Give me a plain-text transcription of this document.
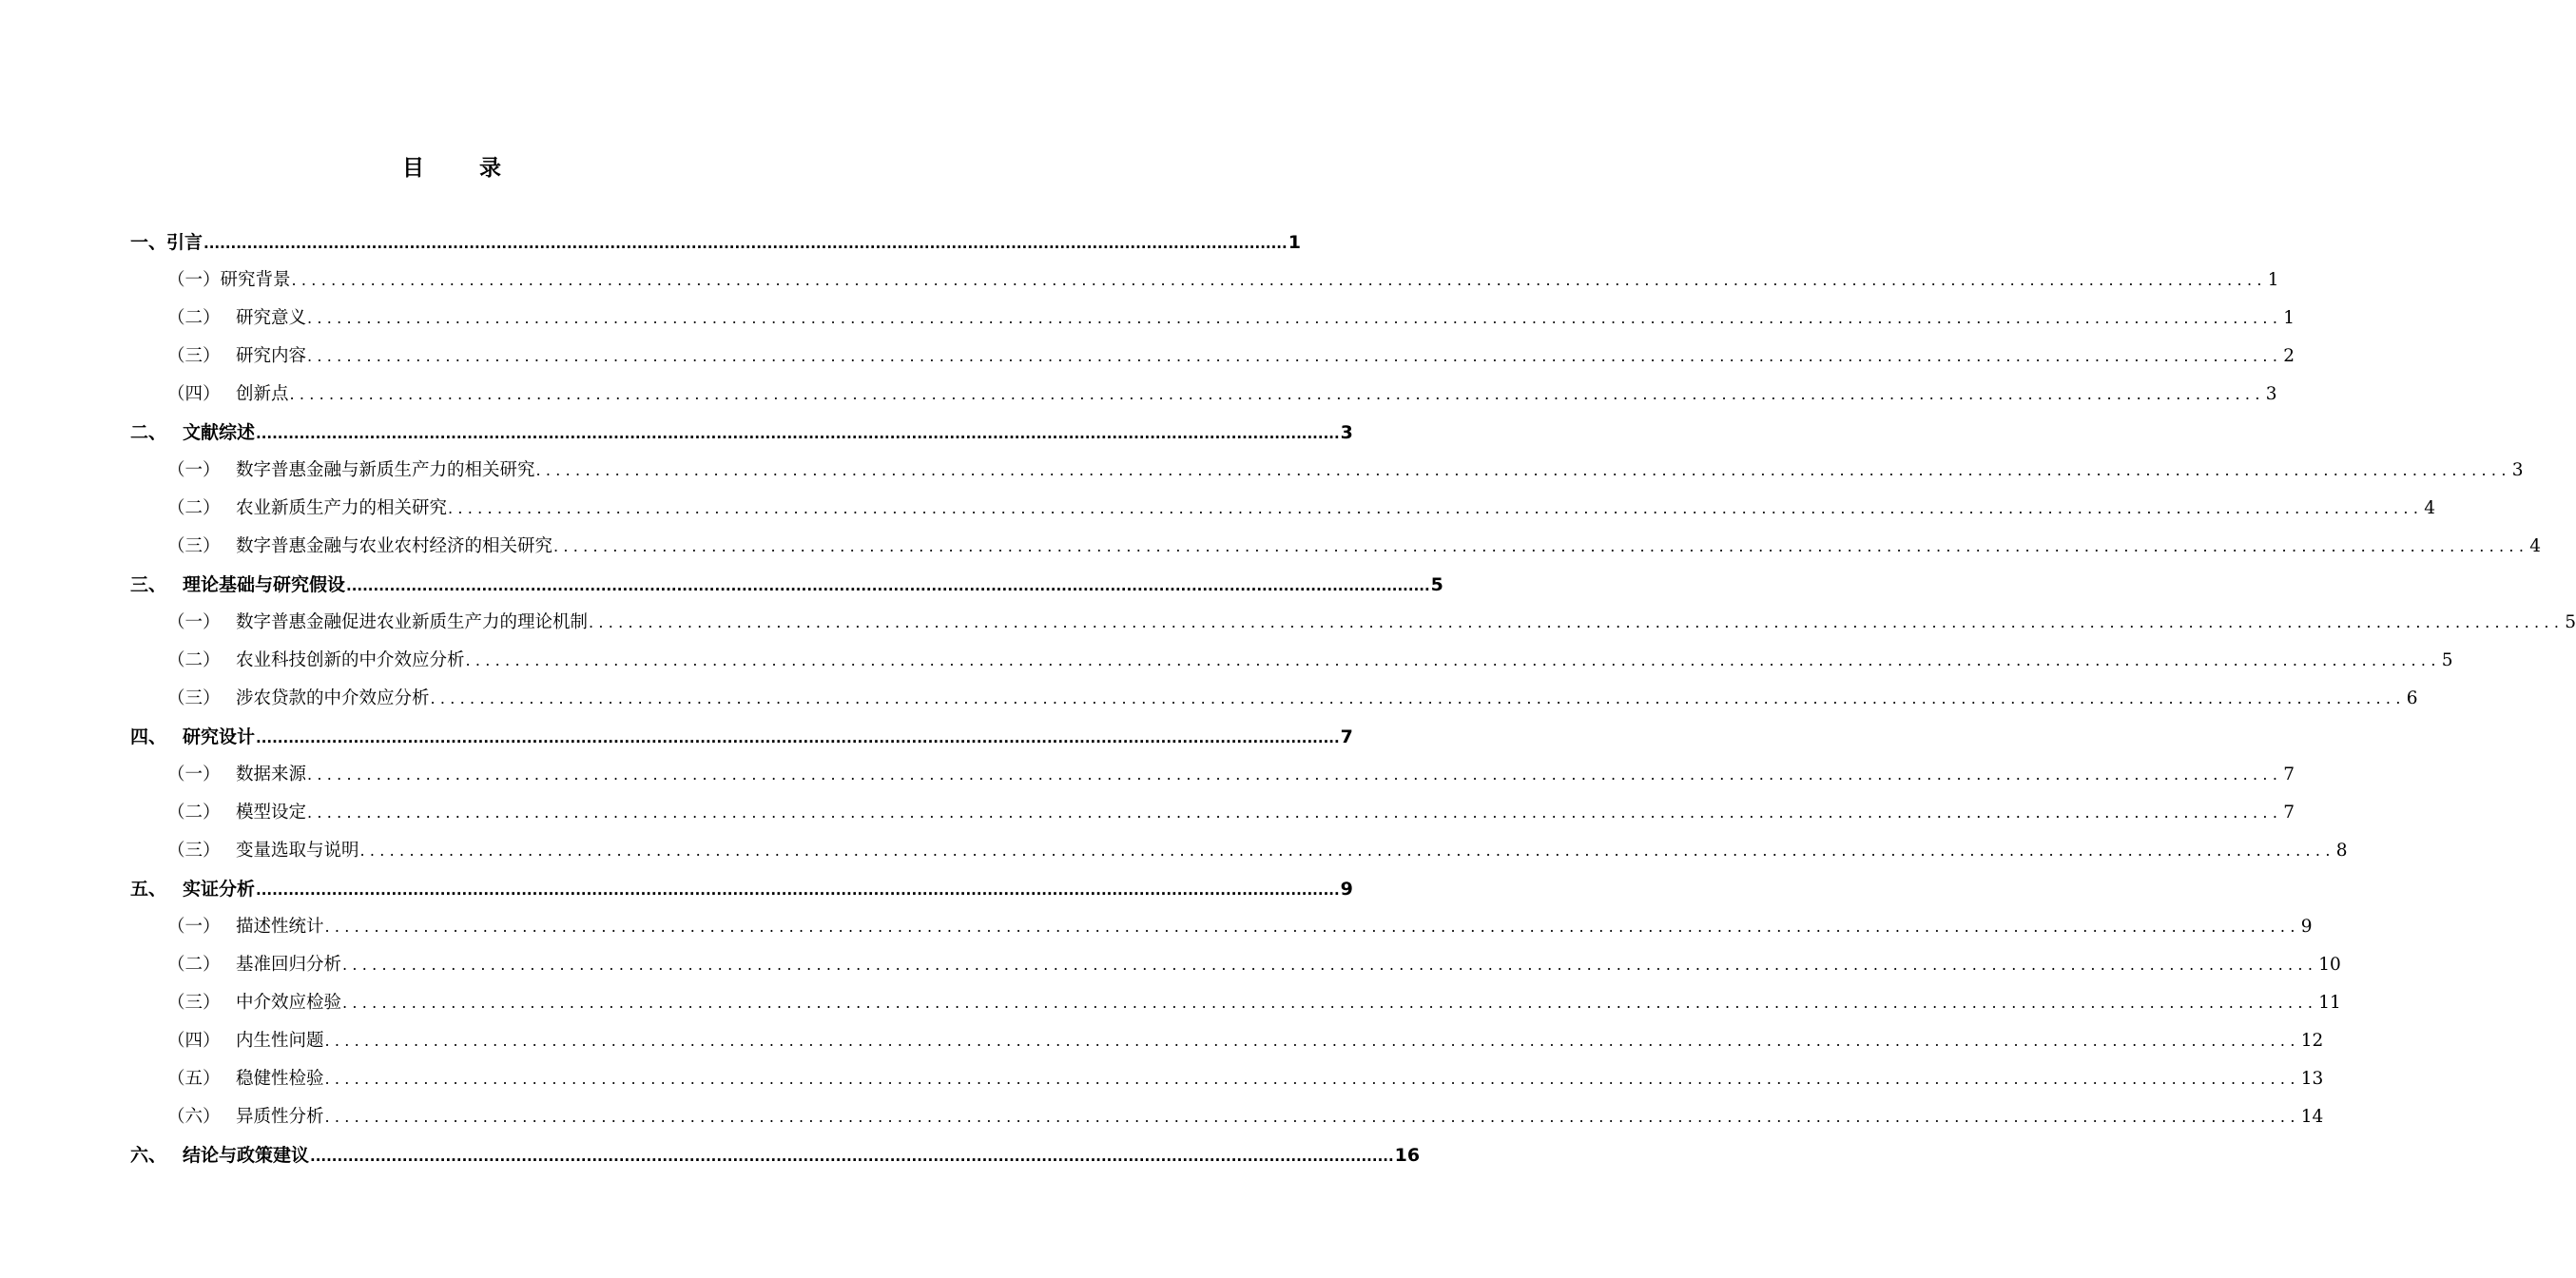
目	录
一、 引言 ........................................................................................................................................................................................................ 1
（一） 研究背景 ........................................................................................................................................................................................................ 1
（二） 研究意义 ........................................................................................................................................................................................................ 1
（三） 研究内容 ........................................................................................................................................................................................................ 2
（四） 创新点 ........................................................................................................................................................................................................ 3
二、 文献综述 ........................................................................................................................................................................................................ 3
（一） 数字普惠金融与新质生产力的相关研究 ........................................................................................................................................................................................................ 3
（二） 农业新质生产力的相关研究 ........................................................................................................................................................................................................ 4
（三） 数字普惠金融与农业农村经济的相关研究 ........................................................................................................................................................................................................ 4
三、 理论基础与研究假设 ........................................................................................................................................................................................................ 5
（一） 数字普惠金融促进农业新质生产力的理论机制 ........................................................................................................................................................................................................ 5
（二） 农业科技创新的中介效应分析 ........................................................................................................................................................................................................ 5
（三） 涉农贷款的中介效应分析 ........................................................................................................................................................................................................ 6
四、 研究设计 ........................................................................................................................................................................................................ 7
（一） 数据来源 ........................................................................................................................................................................................................ 7
（二） 模型设定 ........................................................................................................................................................................................................ 7
（三） 变量选取与说明 ........................................................................................................................................................................................................ 8
五、 实证分析 ........................................................................................................................................................................................................ 9
（一） 描述性统计 ........................................................................................................................................................................................................ 9
（二） 基准回归分析 ........................................................................................................................................................................................................ 10
（三） 中介效应检验 ........................................................................................................................................................................................................ 11
（四） 内生性问题 ........................................................................................................................................................................................................ 12
（五） 稳健性检验 ........................................................................................................................................................................................................ 13
（六） 异质性分析 ........................................................................................................................................................................................................ 14
六、 结论与政策建议 ........................................................................................................................................................................................................ 16
